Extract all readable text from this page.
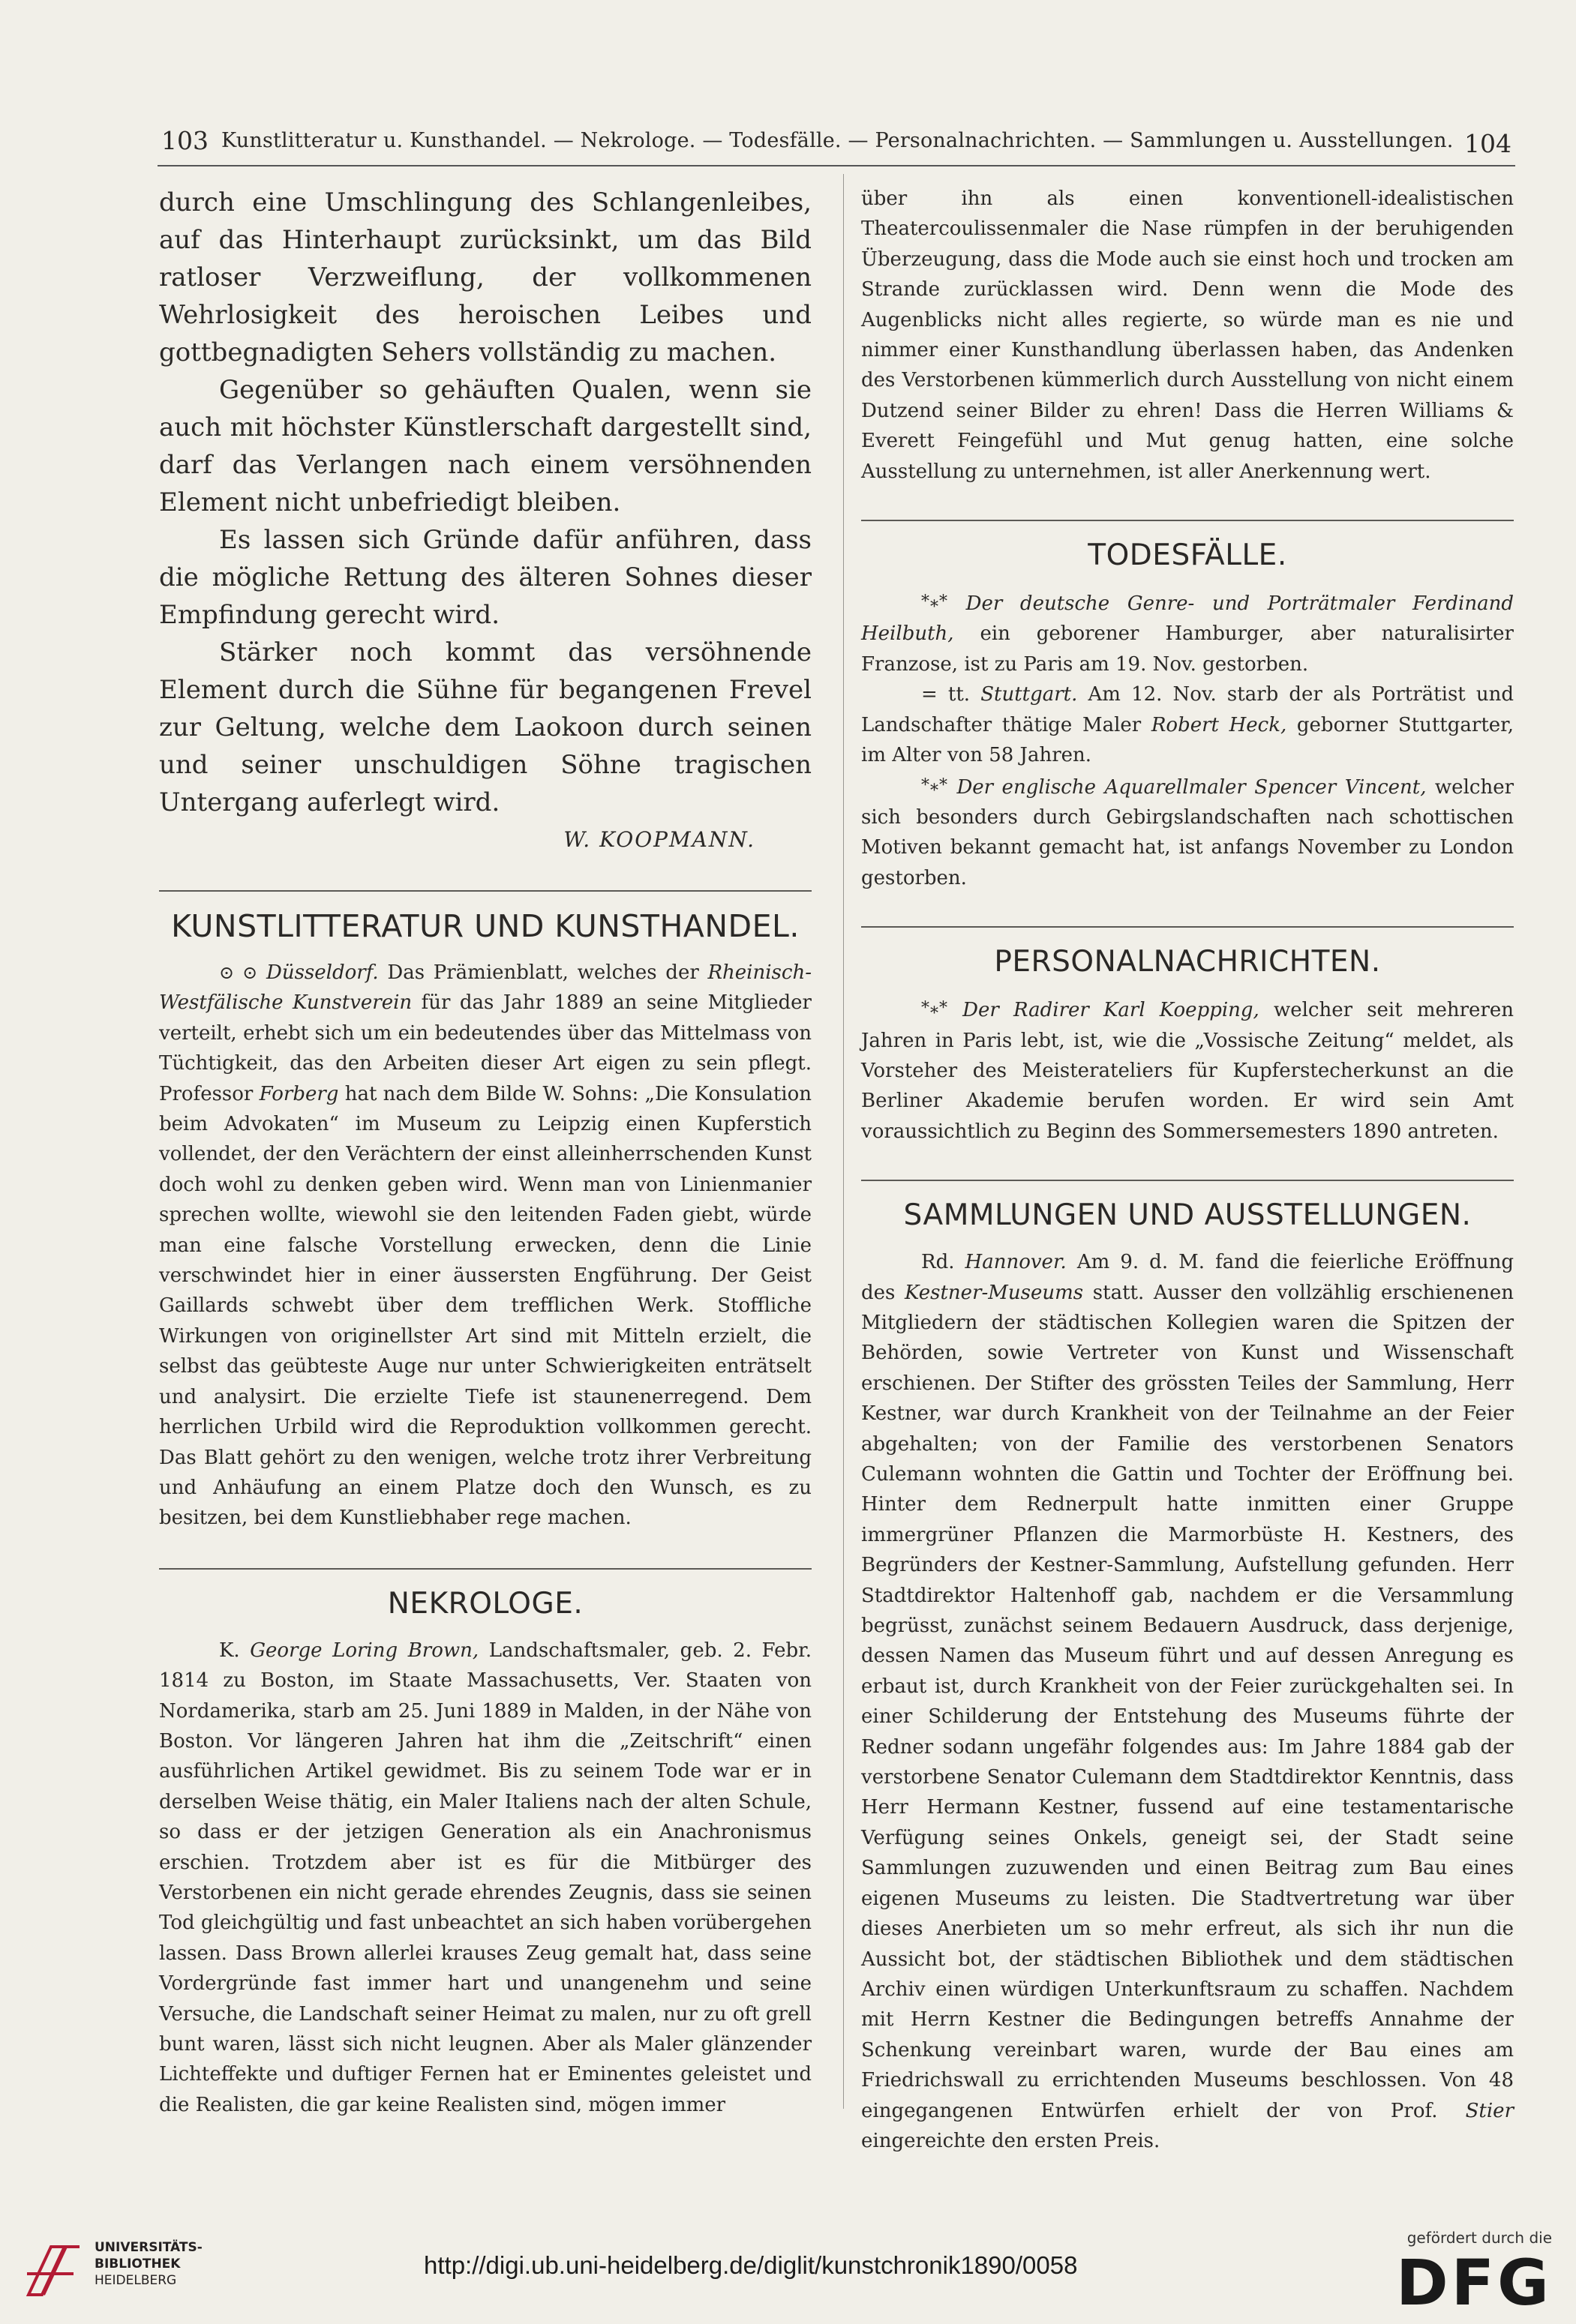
103 Kunstlitteratur u. Kunsthandel. — Nekrologe. — Todesfälle. — Personalnachrichten. — Sammlungen u. Ausstellungen. 104

durch eine Umschlingung des Schlangenleibes, auf das Hinterhaupt zurücksinkt, um das Bild ratloser Verzweiflung, der vollkommenen Wehrlosigkeit des heroischen Leibes und gottbegnadigten Sehers vollständig zu machen.

Gegenüber so gehäuften Qualen, wenn sie auch mit höchster Künstlerschaft dargestellt sind, darf das Verlangen nach einem versöhnenden Element nicht unbefriedigt bleiben.

Es lassen sich Gründe dafür anführen, dass die mögliche Rettung des älteren Sohnes dieser Empfindung gerecht wird.

Stärker noch kommt das versöhnende Element durch die Sühne für begangenen Frevel zur Geltung, welche dem Laokoon durch seinen und seiner unschuldigen Söhne tragischen Untergang auferlegt wird.

W. KOOPMANN.

KUNSTLITTERATUR UND KUNSTHANDEL.

⊙ ⊙ Düsseldorf. Das Prämienblatt, welches der Rheinisch-Westfälische Kunstverein für das Jahr 1889 an seine Mitglieder verteilt, erhebt sich um ein bedeutendes über das Mittelmass von Tüchtigkeit, das den Arbeiten dieser Art eigen zu sein pflegt. Professor Forberg hat nach dem Bilde W. Sohns: „Die Konsulation beim Advokaten“ im Museum zu Leipzig einen Kupferstich vollendet, der den Verächtern der einst alleinherrschenden Kunst doch wohl zu denken geben wird. Wenn man von Linienmanier sprechen wollte, wiewohl sie den leitenden Faden giebt, würde man eine falsche Vorstellung erwecken, denn die Linie verschwindet hier in einer äussersten Engführung. Der Geist Gaillards schwebt über dem trefflichen Werk. Stoffliche Wirkungen von originellster Art sind mit Mitteln erzielt, die selbst das geübteste Auge nur unter Schwierigkeiten enträtselt und analysirt. Die erzielte Tiefe ist staunenerregend. Dem herrlichen Urbild wird die Reproduktion vollkommen gerecht. Das Blatt gehört zu den wenigen, welche trotz ihrer Verbreitung und Anhäufung an einem Platze doch den Wunsch, es zu besitzen, bei dem Kunstliebhaber rege machen.

NEKROLOGE.

K. George Loring Brown, Landschaftsmaler, geb. 2. Febr. 1814 zu Boston, im Staate Massachusetts, Ver. Staaten von Nordamerika, starb am 25. Juni 1889 in Malden, in der Nähe von Boston. Vor längeren Jahren hat ihm die „Zeitschrift“ einen ausführlichen Artikel gewidmet. Bis zu seinem Tode war er in derselben Weise thätig, ein Maler Italiens nach der alten Schule, so dass er der jetzigen Generation als ein Anachronismus erschien. Trotzdem aber ist es für die Mitbürger des Verstorbenen ein nicht gerade ehrendes Zeugnis, dass sie seinen Tod gleichgültig und fast unbeachtet an sich haben vorübergehen lassen. Dass Brown allerlei krauses Zeug gemalt hat, dass seine Vordergründe fast immer hart und unangenehm und seine Versuche, die Landschaft seiner Heimat zu malen, nur zu oft grell bunt waren, lässt sich nicht leugnen. Aber als Maler glänzender Lichteffekte und duftiger Fernen hat er Eminentes geleistet und die Realisten, die gar keine Realisten sind, mögen immer

über ihn als einen konventionell-idealistischen Theatercoulissenmaler die Nase rümpfen in der beruhigenden Überzeugung, dass die Mode auch sie einst hoch und trocken am Strande zurücklassen wird. Denn wenn die Mode des Augenblicks nicht alles regierte, so würde man es nie und nimmer einer Kunsthandlung überlassen haben, das Andenken des Verstorbenen kümmerlich durch Ausstellung von nicht einem Dutzend seiner Bilder zu ehren! Dass die Herren Williams & Everett Feingefühl und Mut genug hatten, eine solche Ausstellung zu unternehmen, ist aller Anerkennung wert.

TODESFÄLLE.

*⁎* Der deutsche Genre- und Porträtmaler Ferdinand Heilbuth, ein geborener Hamburger, aber naturalisirter Franzose, ist zu Paris am 19. Nov. gestorben.

= tt. Stuttgart. Am 12. Nov. starb der als Porträtist und Landschafter thätige Maler Robert Heck, geborner Stuttgarter, im Alter von 58 Jahren.

*⁎* Der englische Aquarellmaler Spencer Vincent, welcher sich besonders durch Gebirgslandschaften nach schottischen Motiven bekannt gemacht hat, ist anfangs November zu London gestorben.

PERSONALNACHRICHTEN.

*⁎* Der Radirer Karl Koepping, welcher seit mehreren Jahren in Paris lebt, ist, wie die „Vossische Zeitung“ meldet, als Vorsteher des Meisterateliers für Kupferstecherkunst an die Berliner Akademie berufen worden. Er wird sein Amt voraussichtlich zu Beginn des Sommersemesters 1890 antreten.

SAMMLUNGEN UND AUSSTELLUNGEN.

Rd. Hannover. Am 9. d. M. fand die feierliche Eröffnung des Kestner-Museums statt. Ausser den vollzählig erschienenen Mitgliedern der städtischen Kollegien waren die Spitzen der Behörden, sowie Vertreter von Kunst und Wissenschaft erschienen. Der Stifter des grössten Teiles der Sammlung, Herr Kestner, war durch Krankheit von der Teilnahme an der Feier abgehalten; von der Familie des verstorbenen Senators Culemann wohnten die Gattin und Tochter der Eröffnung bei. Hinter dem Rednerpult hatte inmitten einer Gruppe immergrüner Pflanzen die Marmorbüste H. Kestners, des Begründers der Kestner-Sammlung, Aufstellung gefunden. Herr Stadtdirektor Haltenhoff gab, nachdem er die Versammlung begrüsst, zunächst seinem Bedauern Ausdruck, dass derjenige, dessen Namen das Museum führt und auf dessen Anregung es erbaut ist, durch Krankheit von der Feier zurückgehalten sei. In einer Schilderung der Entstehung des Museums führte der Redner sodann ungefähr folgendes aus: Im Jahre 1884 gab der verstorbene Senator Culemann dem Stadtdirektor Kenntnis, dass Herr Hermann Kestner, fussend auf eine testamentarische Verfügung seines Onkels, geneigt sei, der Stadt seine Sammlungen zuzuwenden und einen Beitrag zum Bau eines eigenen Museums zu leisten. Die Stadtvertretung war über dieses Anerbieten um so mehr erfreut, als sich ihr nun die Aussicht bot, der städtischen Bibliothek und dem städtischen Archiv einen würdigen Unterkunftsraum zu schaffen. Nachdem mit Herrn Kestner die Bedingungen betreffs Annahme der Schenkung vereinbart waren, wurde der Bau eines am Friedrichswall zu errichtenden Museums beschlossen. Von 48 eingegangenen Entwürfen erhielt der von Prof. Stier eingereichte den ersten Preis.

UNIVERSITÄTS-
BIBLIOTHEK
HEIDELBERG
http://digi.ub.uni-heidelberg.de/diglit/kunstchronik1890/0058
gefördert durch die
DFG
